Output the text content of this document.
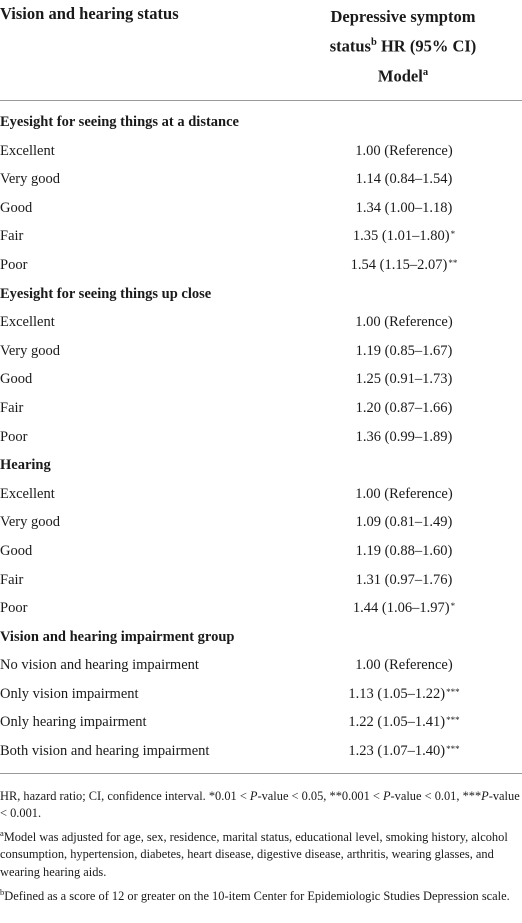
Vision and hearing status	Depressive symptom
status$^b$ HR (95% CI)
Model$^a$
Eyesight for seeing things at a distance
Excellent	1.00 (Reference)
Very good	1.14 (0.84–1.54)
Good	1.34 (1.00–1.18)
Fair	1.35 (1.01–1.80)*
Poor	1.54 (1.15–2.07)**
Eyesight for seeing things up close
Excellent	1.00 (Reference)
Very good	1.19 (0.85–1.67)
Good	1.25 (0.91–1.73)
Fair	1.20 (0.87–1.66)
Poor	1.36 (0.99–1.89)
Hearing
Excellent	1.00 (Reference)
Very good	1.09 (0.81–1.49)
Good	1.19 (0.88–1.60)
Fair	1.31 (0.97–1.76)
Poor	1.44 (1.06–1.97)*
Vision and hearing impairment group
No vision and hearing impairment	1.00 (Reference)
Only vision impairment	1.13 (1.05–1.22)***
Only hearing impairment	1.22 (1.05–1.41)***
Both vision and hearing impairment	1.23 (1.07–1.40)***

HR, hazard ratio; CI, confidence interval. *0.01 < P-value < 0.05, **0.001 < P-value < 0.01, ***P-value < 0.001.

$^a$Model was adjusted for age, sex, residence, marital status, educational level, smoking history, alcohol consumption, hypertension, diabetes, heart disease, digestive disease, arthritis, wearing glasses, and wearing hearing aids.

$^b$Defined as a score of 12 or greater on the 10-item Center for Epidemiologic Studies Depression scale.
